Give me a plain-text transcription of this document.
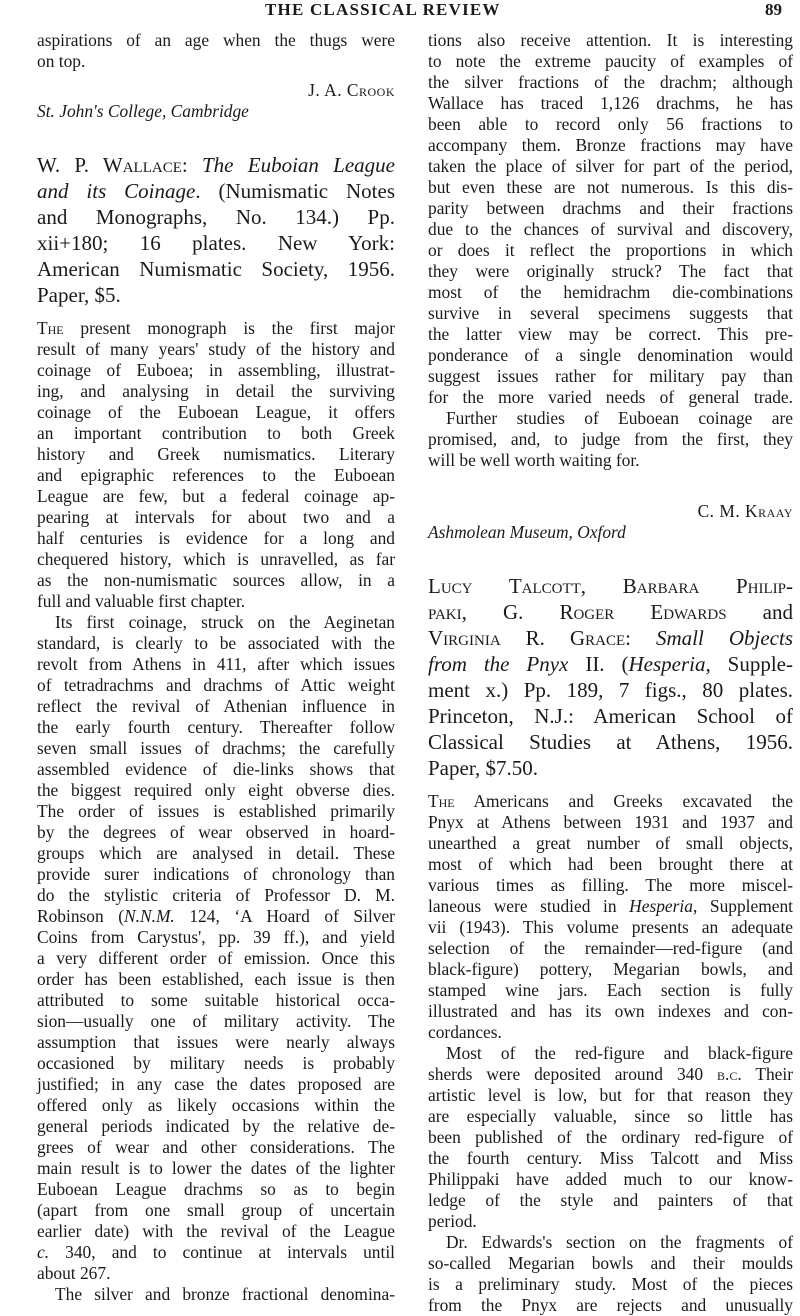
THE CLASSICAL REVIEW	89
aspirations of an age when the thugs were
on top.
J. A. Crook
St. John's College, Cambridge
W. P. Wallace: The Euboian League
and its Coinage. (Numismatic Notes
and Monographs, No. 134.) Pp.
xii+180; 16 plates. New York:
American Numismatic Society, 1956.
Paper, $5.
The present monograph is the first major
result of many years' study of the history and
coinage of Euboea; in assembling, illustrat-
ing, and analysing in detail the surviving
coinage of the Euboean League, it offers
an important contribution to both Greek
history and Greek numismatics. Literary
and epigraphic references to the Euboean
League are few, but a federal coinage ap-
pearing at intervals for about two and a
half centuries is evidence for a long and
chequered history, which is unravelled, as far
as the non-numismatic sources allow, in a
full and valuable first chapter.
Its first coinage, struck on the Aeginetan
standard, is clearly to be associated with the
revolt from Athens in 411, after which issues
of tetradrachms and drachms of Attic weight
reflect the revival of Athenian influence in
the early fourth century. Thereafter follow
seven small issues of drachms; the carefully
assembled evidence of die-links shows that
the biggest required only eight obverse dies.
The order of issues is established primarily
by the degrees of wear observed in hoard-
groups which are analysed in detail. These
provide surer indications of chronology than
do the stylistic criteria of Professor D. M.
Robinson (N.N.M. 124, ‘A Hoard of Silver
Coins from Carystus', pp. 39 ff.), and yield
a very different order of emission. Once this
order has been established, each issue is then
attributed to some suitable historical occa-
sion—usually one of military activity. The
assumption that issues were nearly always
occasioned by military needs is probably
justified; in any case the dates proposed are
offered only as likely occasions within the
general periods indicated by the relative de-
grees of wear and other considerations. The
main result is to lower the dates of the lighter
Euboean League drachms so as to begin
(apart from one small group of uncertain
earlier date) with the revival of the League
c. 340, and to continue at intervals until
about 267.
The silver and bronze fractional denomina-
tions also receive attention. It is interesting
to note the extreme paucity of examples of
the silver fractions of the drachm; although
Wallace has traced 1,126 drachms, he has
been able to record only 56 fractions to
accompany them. Bronze fractions may have
taken the place of silver for part of the period,
but even these are not numerous. Is this dis-
parity between drachms and their fractions
due to the chances of survival and discovery,
or does it reflect the proportions in which
they were originally struck? The fact that
most of the hemidrachm die-combinations
survive in several specimens suggests that
the latter view may be correct. This pre-
ponderance of a single denomination would
suggest issues rather for military pay than
for the more varied needs of general trade.
Further studies of Euboean coinage are
promised, and, to judge from the first, they
will be well worth waiting for.
C. M. Kraay
Ashmolean Museum, Oxford
Lucy Talcott, Barbara Philip-
paki, G. Roger Edwards and
Virginia R. Grace: Small Objects
from the Pnyx II. (Hesperia, Supple-
ment x.) Pp. 189, 7 figs., 80 plates.
Princeton, N.J.: American School of
Classical Studies at Athens, 1956.
Paper, $7.50.
The Americans and Greeks excavated the
Pnyx at Athens between 1931 and 1937 and
unearthed a great number of small objects,
most of which had been brought there at
various times as filling. The more miscel-
laneous were studied in Hesperia, Supplement
vii (1943). This volume presents an adequate
selection of the remainder—red-figure (and
black-figure) pottery, Megarian bowls, and
stamped wine jars. Each section is fully
illustrated and has its own indexes and con-
cordances.
Most of the red-figure and black-figure
sherds were deposited around 340 b.c. Their
artistic level is low, but for that reason they
are especially valuable, since so little has
been published of the ordinary red-figure of
the fourth century. Miss Talcott and Miss
Philippaki have added much to our know-
ledge of the style and painters of that
period.
Dr. Edwards's section on the fragments of
so-called Megarian bowls and their moulds
is a preliminary study. Most of the pieces
from the Pnyx are rejects and unusually
